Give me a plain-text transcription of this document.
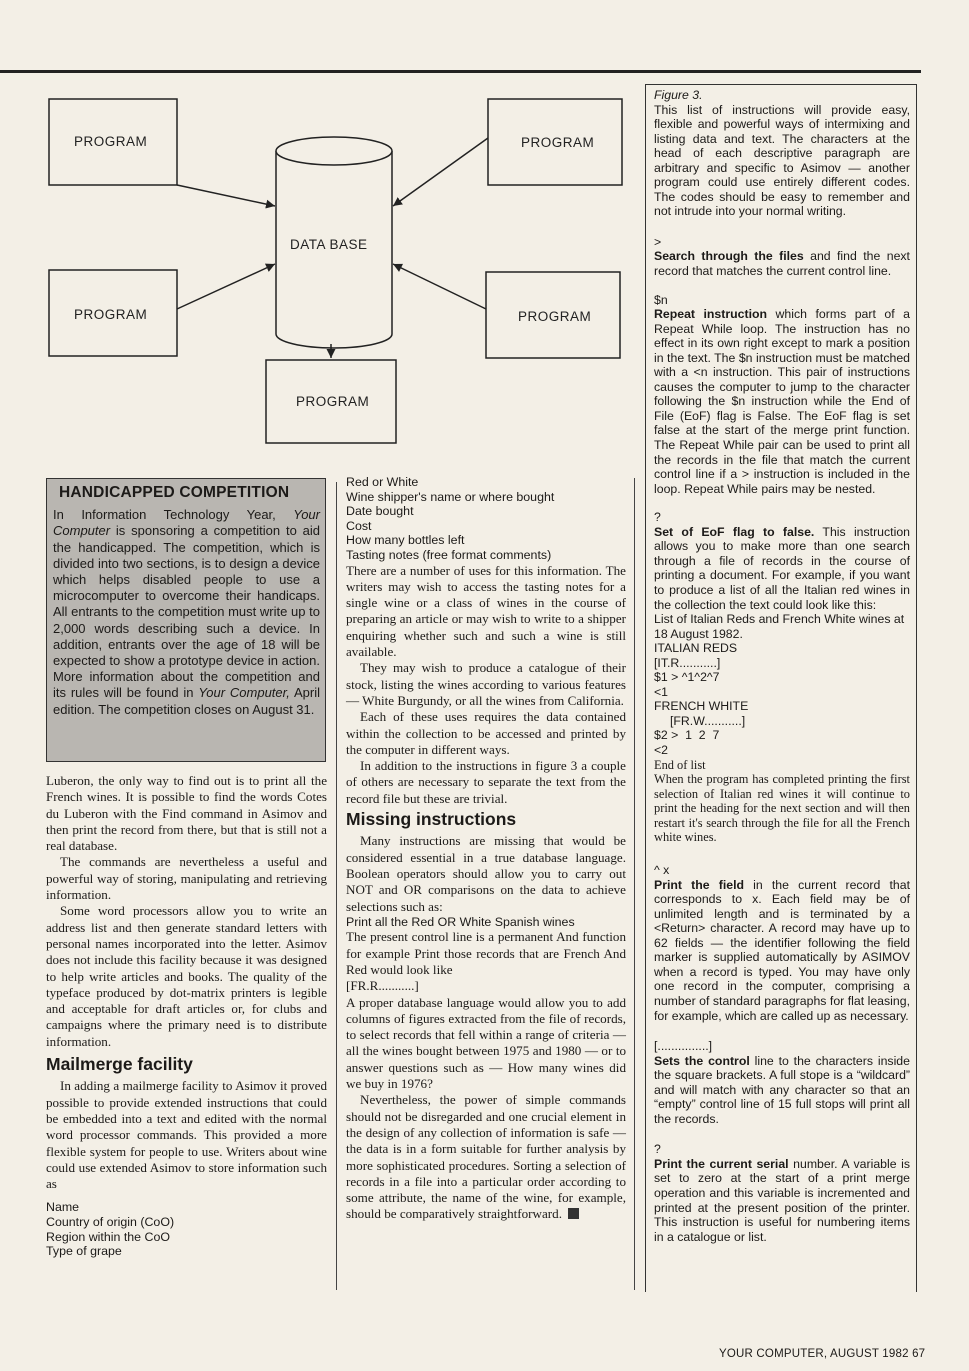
PROGRAM	PROGRAM
PROGRAM	PROGRAM
PROGRAM
DATA BASE
HANDICAPPED COMPETITION

In Information Technology Year, Your Computer is sponsoring a competition to aid the handicapped. The competition, which is divided into two sections, is to design a device which helps disabled people to use a microcomputer to overcome their handicaps. All entrants to the competition must write up to 2,000 words describing such a device. In addition, entrants over the age of 18 will be expected to show a prototype device in action. More information about the competition and its rules will be found in Your Computer, April edition. The competition closes on August 31.

Luberon, the only way to find out is to print all the French wines. It is possible to find the words Cotes du Luberon with the Find command in Asimov and then print the record from there, but that is still not a real database.

The commands are nevertheless a useful and powerful way of storing, manipulating and retrieving information.

Some word processors allow you to write an address list and then generate standard letters with personal names incorporated into the letter. Asimov does not include this facility because it was designed to help write articles and books. The quality of the typeface produced by dot-matrix printers is legible and acceptable for draft articles or, for clubs and campaigns where the primary need is to distribute information.

Mailmerge facility

In adding a mailmerge facility to Asimov it proved possible to provide extended instructions that could be embedded into a text and edited with the normal word processor commands. This provided a more flexible system for people to use. Writers about wine could use extended Asimov to store information such as

Name
Country of origin (CoO)
Region within the CoO
Type of grape
Red or White
Wine shipper's name or where bought
Date bought
Cost
How many bottles left
Tasting notes (free format comments)

There are a number of uses for this information. The writers may wish to access the tasting notes for a single wine or a class of wines in the course of preparing an article or may wish to write to a shipper enquiring whether such and such a wine is still available.

They may wish to produce a catalogue of their stock, listing the wines according to various features — White Burgundy, or all the wines from California.

Each of these uses requires the data contained within the collection to be accessed and printed by the computer in different ways.

In addition to the instructions in figure 3 a couple of others are necessary to separate the text from the record file but these are trivial.

Missing instructions

Many instructions are missing that would be considered essential in a true database language. Boolean operators should allow you to carry out NOT and OR comparisons on the data to achieve selections such as:

Print all the Red OR White Spanish wines

The present control line is a permanent And function for example Print those records that are French And Red would look like

[FR.R...........]

A proper database language would allow you to add columns of figures extracted from the file of records, to select records that fell within a range of criteria — all the wines bought between 1975 and 1980 — or to answer questions such as — How many wines did we buy in 1976?

Nevertheless, the power of simple commands should not be disregarded and one crucial element in the design of any collection of information is safe — the data is in a form suitable for further analysis by more sophisticated procedures. Sorting a selection of records in a file into a particular order according to some attribute, the name of the wine, for example, should be comparatively straightforward.

Figure 3.

This list of instructions will provide easy, flexible and powerful ways of intermixing and listing data and text. The characters at the head of each descriptive paragraph are arbitrary and specific to Asimov — another program could use entirely different codes. The codes should be easy to remember and not intrude into your normal writing.

>
Search through the files and find the next record that matches the current control line.
$n
Repeat instruction which forms part of a Repeat While loop. The instruction has no effect in its own right except to mark a position in the text. The $n instruction must be matched with a <n instruction. This pair of instructions causes the computer to jump to the character following the $n instruction while the End of File (EoF) flag is False. The EoF flag is set false at the start of the merge print function. The Repeat While pair can be used to print all the records in the file that match the current control line if a > instruction is included in the loop. Repeat While pairs may be nested.
?
Set of EoF flag to false. This instruction allows you to make more than one search through a file of records in the course of printing a document. For example, if you want to produce a list of all the Italian red wines in the collection the text could look like this:
List of Italian Reds and French White wines at 18 August 1982.
ITALIAN REDS
[IT.R...........]
$1 > ^1^2^7
<1
FRENCH WHITE
[FR.W...........]
$2 >  1  2  7
<2
End of list

When the program has completed printing the first selection of Italian red wines it will continue to print the heading for the next section and will then restart it's search through the file for all the French white wines.

^ x
Print the field in the current record that corresponds to x. Each field may be of unlimited length and is terminated by a <Return> character. A record may have up to 62 fields — the identifier following the field marker is supplied automatically by ASIMOV when a record is typed. You may have only one record in the computer, comprising a number of standard paragraphs for flat leasing, for example, which are called up as necessary.
[...............]
Sets the control line to the characters inside the square brackets. A full stope is a “wildcard” and will match with any character so that an “empty” control line of 15 full stops will print all the records.
?
Print the current serial number. A variable is set to zero at the start of a print merge operation and this variable is incremented and printed at the present position of the printer. This instruction is useful for numbering items in a catalogue or list.
YOUR COMPUTER, AUGUST 1982 67
